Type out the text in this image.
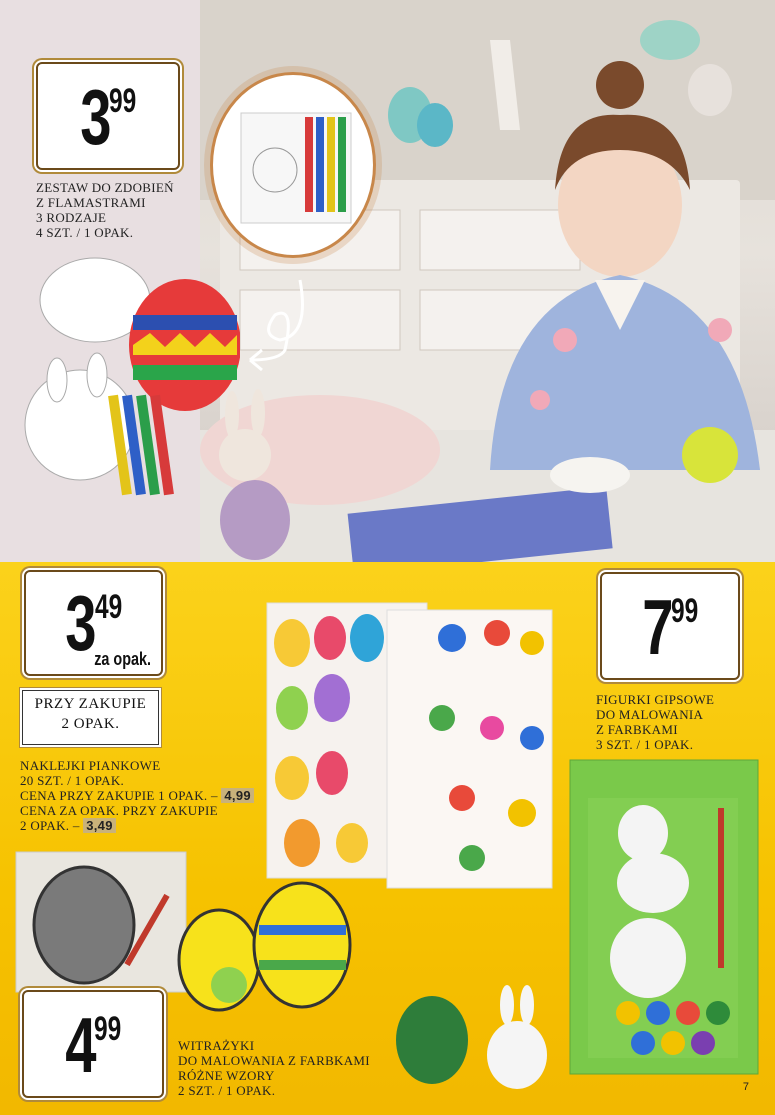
3 99
ZESTAW DO ZDOBIEŃ
Z FLAMASTRAMI
3 RODZAJE
4 SZT. / 1 OPAK.
3 49
za opak.
PRZY ZAKUPIE
2 OPAK.
NAKLEJKI PIANKOWE
20 SZT. / 1 OPAK.
CENA PRZY ZAKUPIE 1 OPAK. – 4,99
CENA ZA OPAK. PRZY ZAKUPIE
2 OPAK. – 3,49
7 99
FIGURKI GIPSOWE
DO MALOWANIA
Z FARBKAMI
3 SZT. / 1 OPAK.
4 99	WITRAŻYKI
DO MALOWANIA Z FARBKAMI
RÓŻNE WZORY
2 SZT. / 1 OPAK.	7
